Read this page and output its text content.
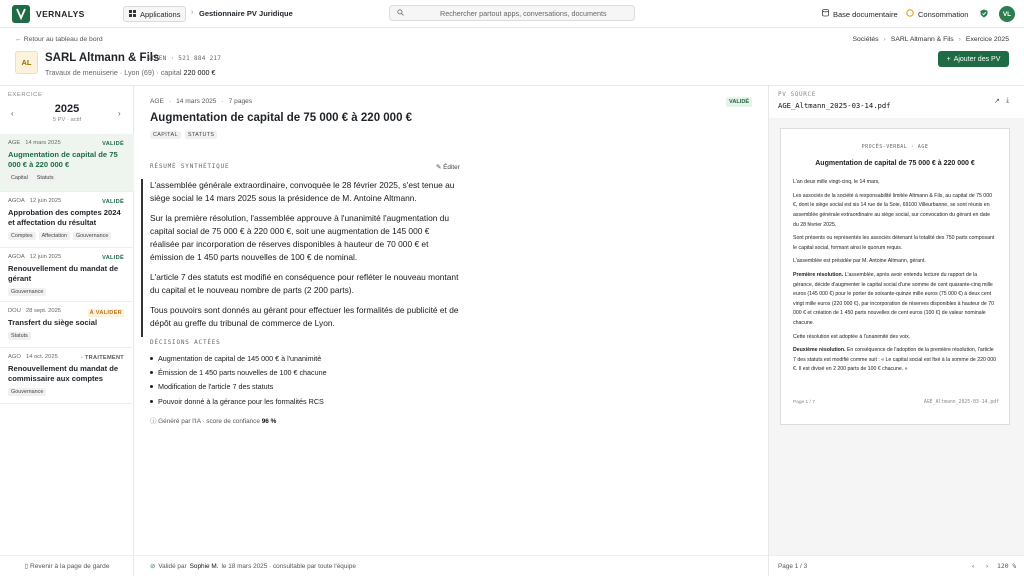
VERNALYS	Applications › Gestionnaire PV Juridique	Rechercher partout apps, conversations, documents	Base documentaire	Consommation	VL
← Retour au tableau de bord	Sociétés › SARL Altmann & Fils › Exercice 2025
AL	SARL Altmann & Fils
SIREN · 521 884 217
Travaux de menuiserie · Lyon (69) · capital 220 000 €
+ Ajouter des PV
EXERCICE
‹	2025
5 PV · actif
›
AGE 14 mars 2025	VALIDÉ
Augmentation de capital de 75 000 € à 220 000 €
Capital	Statuts
AGOA 12 juin 2025	VALIDÉ
Approbation des comptes 2024 et affectation du résultat
Comptes	Affectation	Gouvernance
AGOA 12 juin 2025	VALIDÉ
Renouvellement du mandat de gérant
Gouvernance
DOU 28 sept. 2025	À VALIDER
Transfert du siège social
Statuts
AGO 14 oct. 2025	◦ TRAITEMENT
Renouvellement du mandat de commissaire aux comptes
Gouvernance
▯ Revenir à la page de garde
AGE · 14 mars 2025 · 7 pages	VALIDÉ
Augmentation de capital de 75 000 € à 220 000 €
CAPITAL	STATUTS
RÉSUMÉ SYNTHÉTIQUE	✎ Éditer

L'assemblée générale extraordinaire, convoquée le 28 février 2025, s'est tenue au siège social le 14 mars 2025 sous la présidence de M. Antoine Altmann.

Sur la première résolution, l'assemblée approuve à l'unanimité l'augmentation du capital social de 75 000 € à 220 000 €, soit une augmentation de 145 000 € réalisée par incorporation de réserves disponibles à hauteur de 70 000 € et émission de 1 450 parts nouvelles de 100 € de nominal.

L'article 7 des statuts est modifié en conséquence pour refléter le nouveau montant du capital et le nouveau nombre de parts (2 200 parts).

Tous pouvoirs sont donnés au gérant pour effectuer les formalités de publicité et de dépôt au greffe du tribunal de commerce de Lyon.

DÉCISIONS ACTÉES
Augmentation de capital de 145 000 € à l'unanimité
Émission de 1 450 parts nouvelles de 100 € chacune
Modification de l'article 7 des statuts
Pouvoir donné à la gérance pour les formalités RCS
ⓘ Généré par l'IA · score de confiance 96 %
⊘ Validé par Sophie M. le 18 mars 2025 · consultable par toute l'équipe
PV SOURCE
AGE_Altmann_2025-03-14.pdf	↗ ⤓
PROCÈS-VERBAL · AGE
Augmentation de capital de 75 000 € à 220 000 €

L'an deux mille vingt-cinq, le 14 mars,

Les associés de la société à responsabilité limitée Altmann & Fils, au capital de 75 000 €, dont le siège social est sis 14 rue de la Soie, 69100 Villeurbanne, se sont réunis en assemblée générale extraordinaire au siège social, sur convocation du gérant en date du 28 février 2025.

Sont présents ou représentés les associés détenant la totalité des 750 parts composant le capital social, formant ainsi le quorum requis.

L'assemblée est présidée par M. Antoine Altmann, gérant.

Première résolution. L'assemblée, après avoir entendu lecture du rapport de la gérance, décide d'augmenter le capital social d'une somme de cent quarante-cinq mille euros (145 000 €) pour le porter de soixante-quinze mille euros (75 000 €) à deux cent vingt mille euros (220 000 €), par incorporation de réserves disponibles à hauteur de 70 000 € et création de 1 450 parts nouvelles de cent euros (100 €) de valeur nominale chacune.

Cette résolution est adoptée à l'unanimité des voix.

Deuxième résolution. En conséquence de l'adoption de la première résolution, l'article 7 des statuts est modifié comme suit : « Le capital social est fixé à la somme de 220 000 €. Il est divisé en 2 200 parts de 100 € chacune. »

Page 1 / 7	AGE_Altmann_2025-03-14.pdf
Page 1 / 3	‹ › 120 %
